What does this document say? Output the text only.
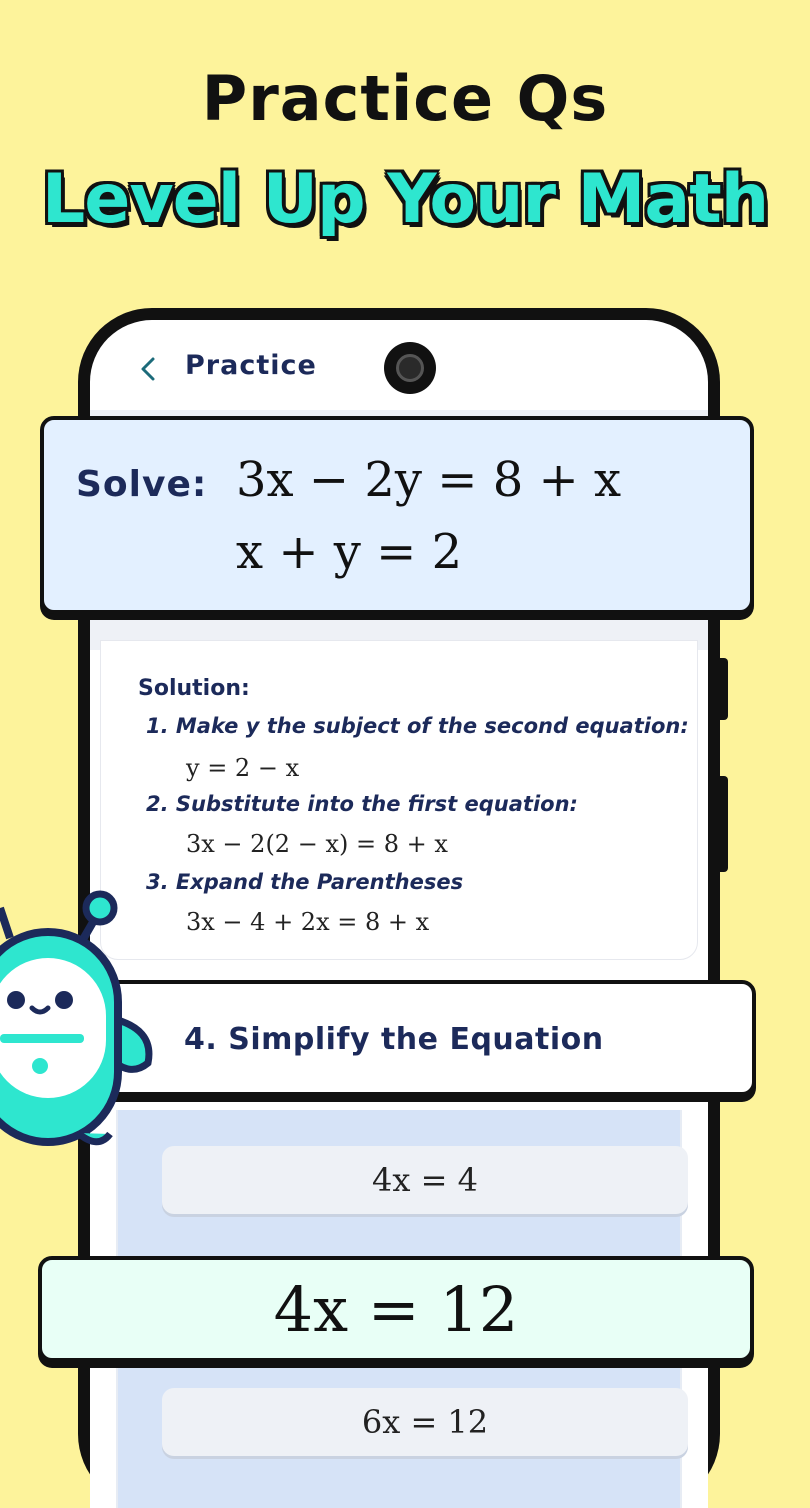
Practice Qs
Level Up Your Math
Practice
Solution:
1. Make y the subject of the second equation:
y = 2 − x
2. Substitute into the first equation:
3x − 2(2 − x) = 8 + x
3. Expand the Parentheses
3x − 4 + 2x = 8 + x
4x = 4
6x = 12
Solve: 3x − 2y = 8 + x
x + y = 2
4. Simplify the Equation
4x = 12
